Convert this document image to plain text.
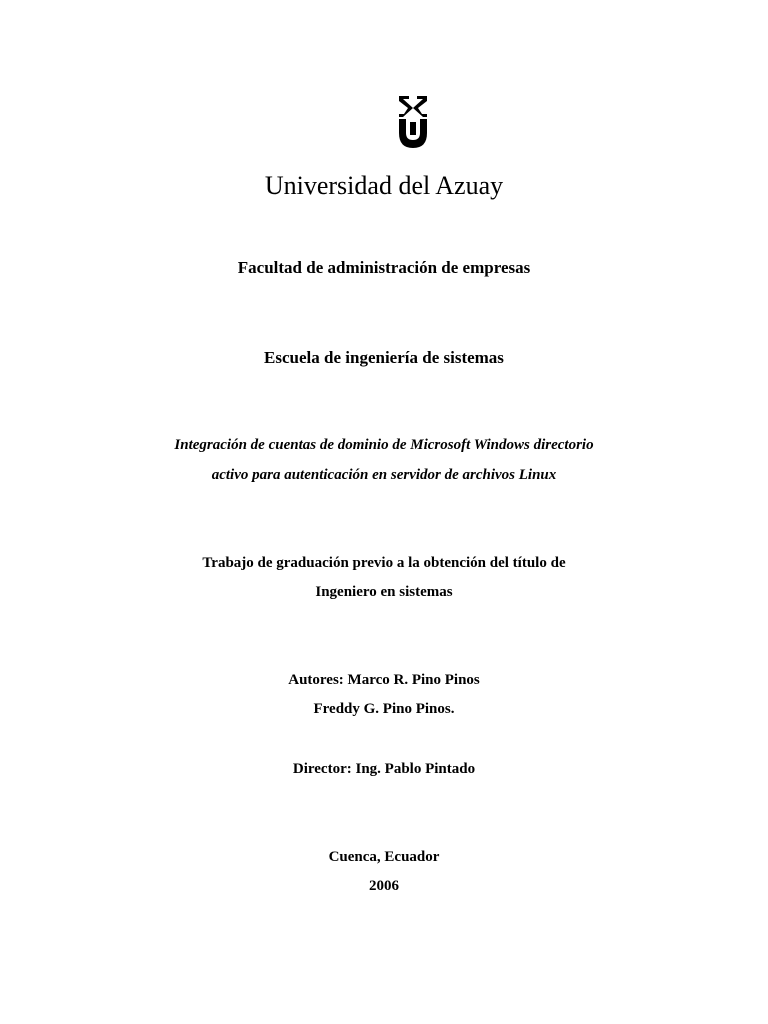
Universidad del Azuay
Facultad de administración de empresas
Escuela de ingeniería de sistemas
Integración de cuentas de dominio de Microsoft Windows directorio
activo para autenticación en servidor de archivos Linux
Trabajo de graduación previo a la obtención del título de
Ingeniero en sistemas
Autores: Marco R. Pino Pinos
Freddy G. Pino Pinos.
Director: Ing. Pablo Pintado
Cuenca, Ecuador
2006
